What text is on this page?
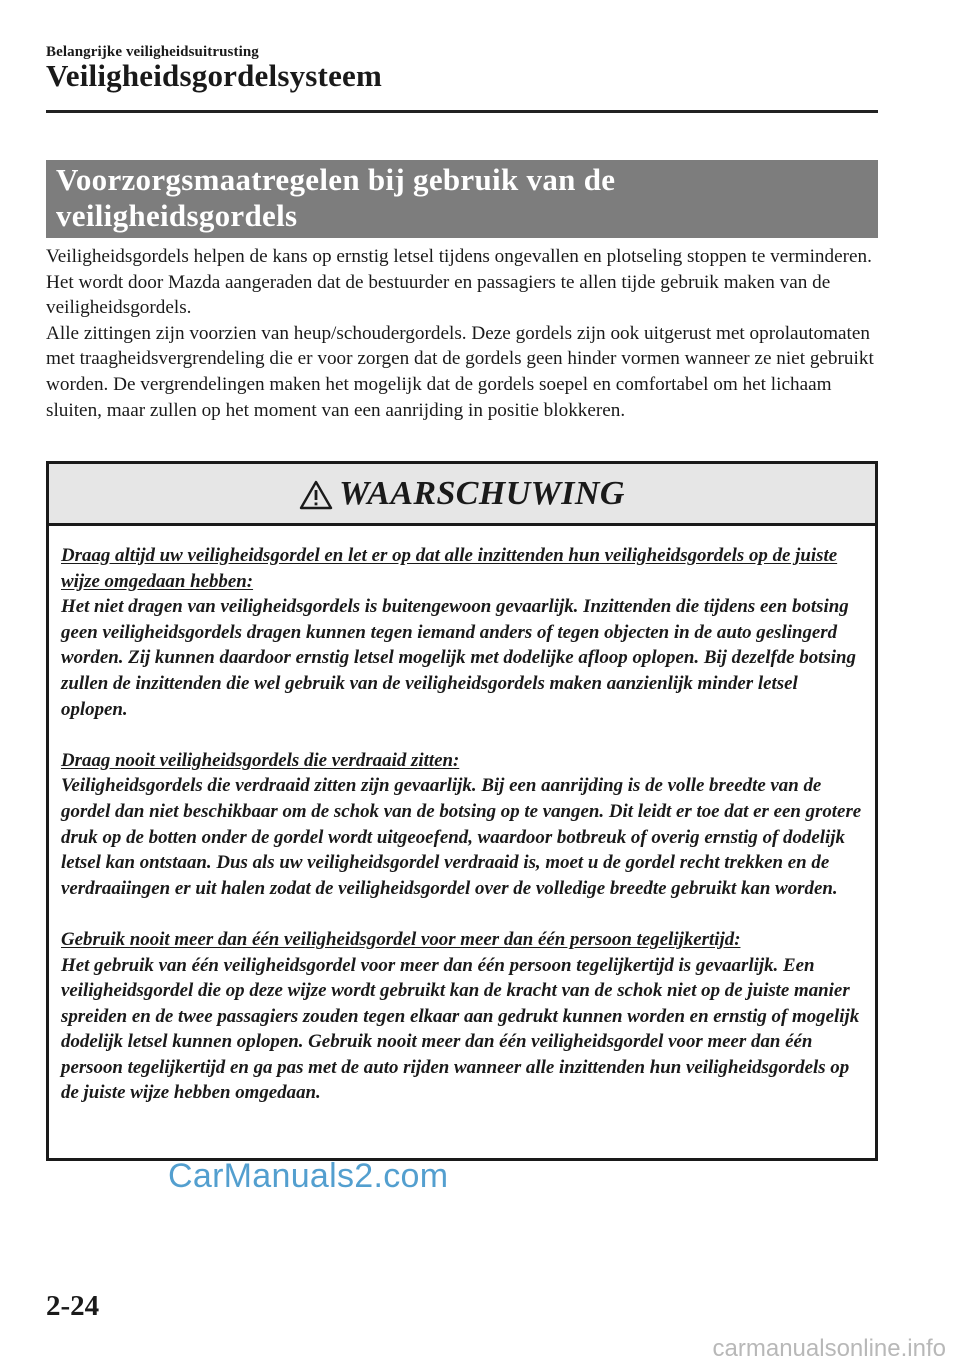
Belangrijke veiligheidsuitrusting
Veiligheidsgordelsysteem
Voorzorgsmaatregelen bij gebruik van de
veiligheidsgordels

Veiligheidsgordels helpen de kans op ernstig letsel tijdens ongevallen en plotseling stoppen te verminderen. Het wordt door Mazda aangeraden dat de bestuurder en passagiers te allen tijde gebruik maken van de veiligheidsgordels.

Alle zittingen zijn voorzien van heup/schoudergordels. Deze gordels zijn ook uitgerust met oprolautomaten met traagheidsvergrendeling die er voor zorgen dat de gordels geen hinder vormen wanneer ze niet gebruikt worden. De vergrendelingen maken het mogelijk dat de gordels soepel en comfortabel om het lichaam sluiten, maar zullen op het moment van een aanrijding in positie blokkeren.

WAARSCHUWING
Draag altijd uw veiligheidsgordel en let er op dat alle inzittenden hun veiligheidsgordels op de juiste wijze omgedaan hebben:
Het niet dragen van veiligheidsgordels is buitengewoon gevaarlijk. Inzittenden die tijdens een botsing geen veiligheidsgordels dragen kunnen tegen iemand anders of tegen objecten in de auto geslingerd worden. Zij kunnen daardoor ernstig letsel mogelijk met dodelijke afloop oplopen. Bij dezelfde botsing zullen de inzittenden die wel gebruik van de veiligheidsgordels maken aanzienlijk minder letsel oplopen.
Draag nooit veiligheidsgordels die verdraaid zitten:
Veiligheidsgordels die verdraaid zitten zijn gevaarlijk. Bij een aanrijding is de volle breedte van de gordel dan niet beschikbaar om de schok van de botsing op te vangen. Dit leidt er toe dat er een grotere druk op de botten onder de gordel wordt uitgeoefend, waardoor botbreuk of overig ernstig of dodelijk letsel kan ontstaan. Dus als uw veiligheidsgordel verdraaid is, moet u de gordel recht trekken en de verdraaiingen er uit halen zodat de veiligheidsgordel over de volledige breedte gebruikt kan worden.
Gebruik nooit meer dan één veiligheidsgordel voor meer dan één persoon tegelijkertijd:
Het gebruik van één veiligheidsgordel voor meer dan één persoon tegelijkertijd is gevaarlijk. Een veiligheidsgordel die op deze wijze wordt gebruikt kan de kracht van de schok niet op de juiste manier spreiden en de twee passagiers zouden tegen elkaar aan gedrukt kunnen worden en ernstig of mogelijk dodelijk letsel kunnen oplopen. Gebruik nooit meer dan één veiligheidsgordel voor meer dan één persoon tegelijkertijd en ga pas met de auto rijden wanneer alle inzittenden hun veiligheidsgordels op de juiste wijze hebben omgedaan.
CarManuals2.com
2-24
carmanualsonline.info
